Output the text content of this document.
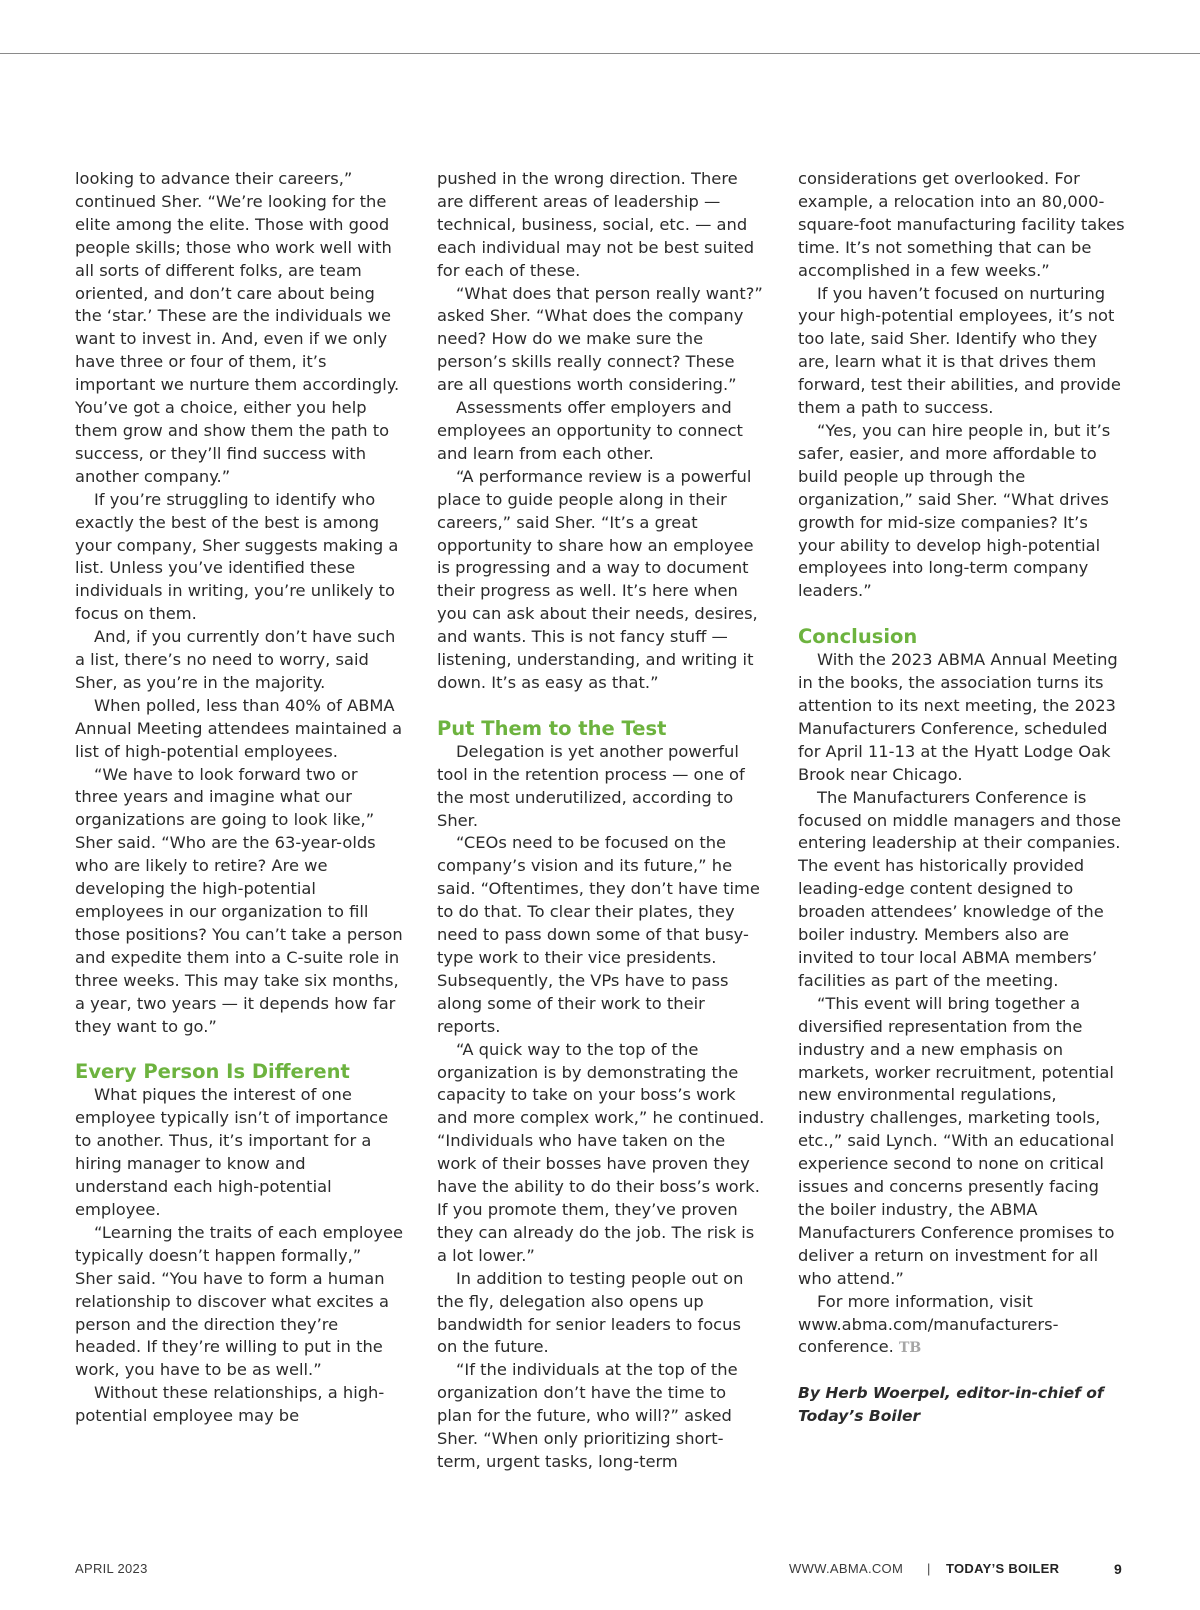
looking to advance their careers,” continued Sher. “We’re looking for the elite among the elite. Those with good people skills; those who work well with all sorts of different folks, are team oriented, and don’t care about being the ‘star.’ These are the individuals we want to invest in. And, even if we only have three or four of them, it’s important we nurture them accordingly. You’ve got a choice, either you help them grow and show them the path to success, or they’ll find success with another company.”

If you’re struggling to identify who exactly the best of the best is among your company, Sher suggests making a list. Unless you’ve identified these individuals in writing, you’re unlikely to focus on them.

And, if you currently don’t have such a list, there’s no need to worry, said Sher, as you’re in the majority.

When polled, less than 40% of ABMA Annual Meeting attendees maintained a list of high-potential employees.

“We have to look forward two or three years and imagine what our organizations are going to look like,” Sher said. “Who are the 63-year-olds who are likely to retire? Are we developing the high-potential employees in our organization to fill those positions? You can’t take a person and expedite them into a C-suite role in three weeks. This may take six months, a year, two years — it depends how far they want to go.”

Every Person Is Different

What piques the interest of one employee typically isn’t of importance to another. Thus, it’s important for a hiring manager to know and understand each high-potential employee.

“Learning the traits of each employee typically doesn’t happen formally,” Sher said. “You have to form a human relationship to discover what excites a person and the direction they’re headed. If they’re willing to put in the work, you have to be as well.”

Without these relationships, a high-potential employee may be

pushed in the wrong direction. There are different areas of leadership — technical, business, social, etc. — and each individual may not be best suited for each of these.

“What does that person really want?” asked Sher. “What does the company need? How do we make sure the person’s skills really connect? These are all questions worth considering.”

Assessments offer employers and employees an opportunity to connect and learn from each other.

“A performance review is a powerful place to guide people along in their careers,” said Sher. “It’s a great opportunity to share how an employee is progressing and a way to document their progress as well. It’s here when you can ask about their needs, desires, and wants. This is not fancy stuff — listening, understanding, and writing it down. It’s as easy as that.”

Put Them to the Test

Delegation is yet another powerful tool in the retention process — one of the most underutilized, according to Sher.

“CEOs need to be focused on the company’s vision and its future,” he said. “Oftentimes, they don’t have time to do that. To clear their plates, they need to pass down some of that busy-type work to their vice presidents. Subsequently, the VPs have to pass along some of their work to their reports.

“A quick way to the top of the organization is by demonstrating the capacity to take on your boss’s work and more complex work,” he continued. “Individuals who have taken on the work of their bosses have proven they have the ability to do their boss’s work. If you promote them, they’ve proven they can already do the job. The risk is a lot lower.”

In addition to testing people out on the fly, delegation also opens up bandwidth for senior leaders to focus on the future.

“If the individuals at the top of the organization don’t have the time to plan for the future, who will?” asked Sher. “When only prioritizing short-term, urgent tasks, long-term

considerations get overlooked. For example, a relocation into an 80,000-square-foot manufacturing facility takes time. It’s not something that can be accomplished in a few weeks.”

If you haven’t focused on nurturing your high-potential employees, it’s not too late, said Sher. Identify who they are, learn what it is that drives them forward, test their abilities, and provide them a path to success.

“Yes, you can hire people in, but it’s safer, easier, and more affordable to build people up through the organization,” said Sher. “What drives growth for mid-size companies? It’s your ability to develop high-potential employees into long-term company leaders.”

Conclusion

With the 2023 ABMA Annual Meeting in the books, the association turns its attention to its next meeting, the 2023 Manufacturers Conference, scheduled for April 11-13 at the Hyatt Lodge Oak Brook near Chicago.

The Manufacturers Conference is focused on middle managers and those entering leadership at their companies. The event has historically provided leading-edge content designed to broaden attendees’ knowledge of the boiler industry. Members also are invited to tour local ABMA members’ facilities as part of the meeting.

“This event will bring together a diversified representation from the industry and a new emphasis on markets, worker recruitment, potential new environmental regulations, industry challenges, marketing tools, etc.,” said Lynch. “With an educational experience second to none on critical issues and concerns presently facing the boiler industry, the ABMA Manufacturers Conference promises to deliver a return on investment for all who attend.”

For more information, visit www.abma.com/manufacturers-conference. TB

By Herb Woerpel, editor-in-chief of Today’s Boiler
APRIL 2023	WWW.ABMA.COM | TODAY’S BOILER	9
